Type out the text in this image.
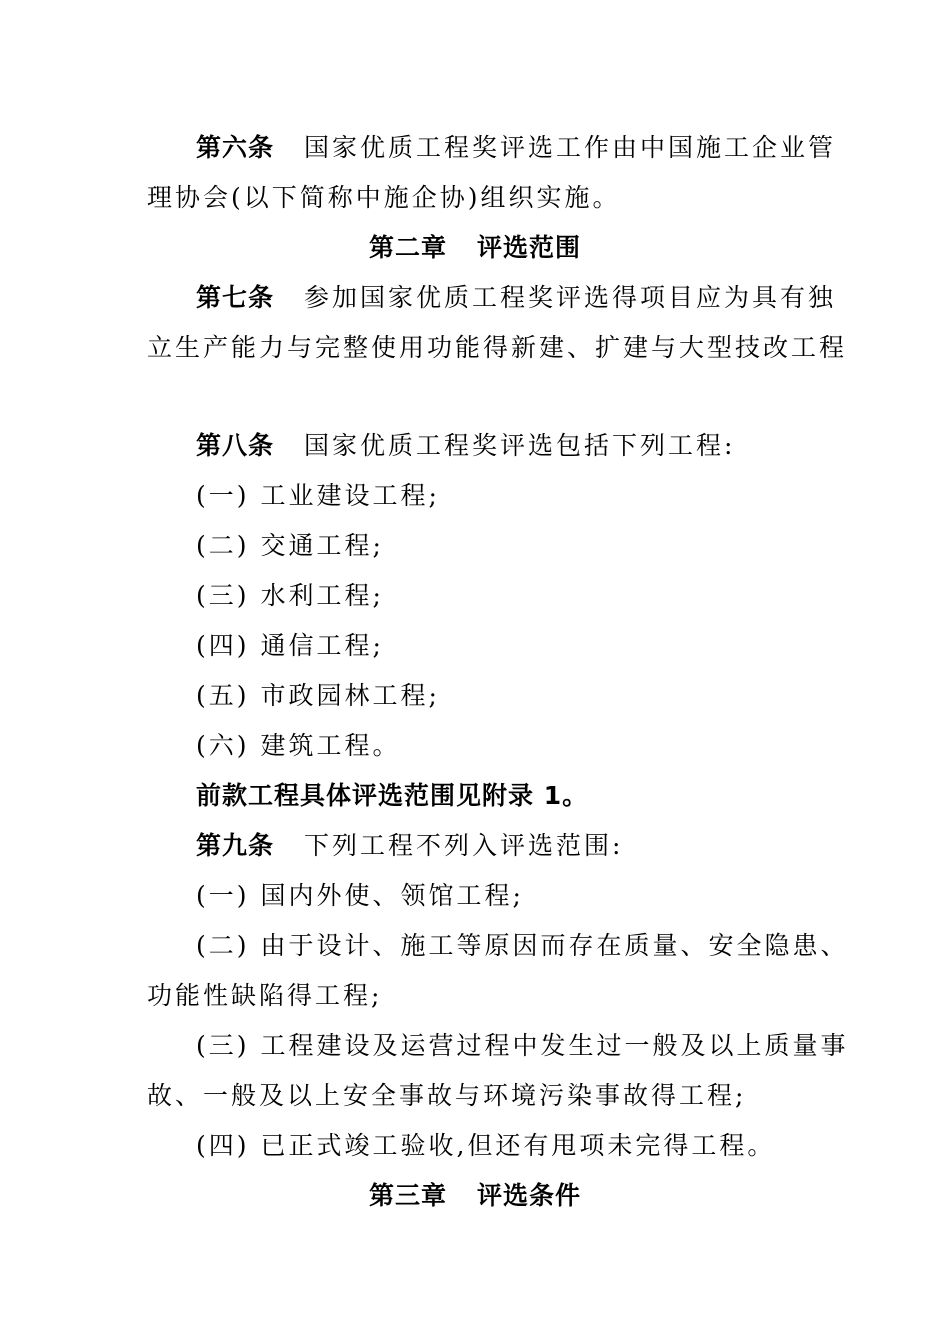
第六条 国家优质工程奖评选工作由中国施工企业管
理协会(以下简称中施企协)组织实施。
第二章 评选范围
第七条 参加国家优质工程奖评选得项目应为具有独
立生产能力与完整使用功能得新建、扩建与大型技改工程
第八条 国家优质工程奖评选包括下列工程:
(一) 工业建设工程;
(二) 交通工程;
(三) 水利工程;
(四) 通信工程;
(五) 市政园林工程;
(六) 建筑工程。
前款工程具体评选范围见附录 1。
第九条 下列工程不列入评选范围:
(一) 国内外使、领馆工程;
(二) 由于设计、施工等原因而存在质量、安全隐患、
功能性缺陷得工程;
(三) 工程建设及运营过程中发生过一般及以上质量事
故、一般及以上安全事故与环境污染事故得工程;
(四) 已正式竣工验收,但还有甩项未完得工程。
第三章 评选条件
